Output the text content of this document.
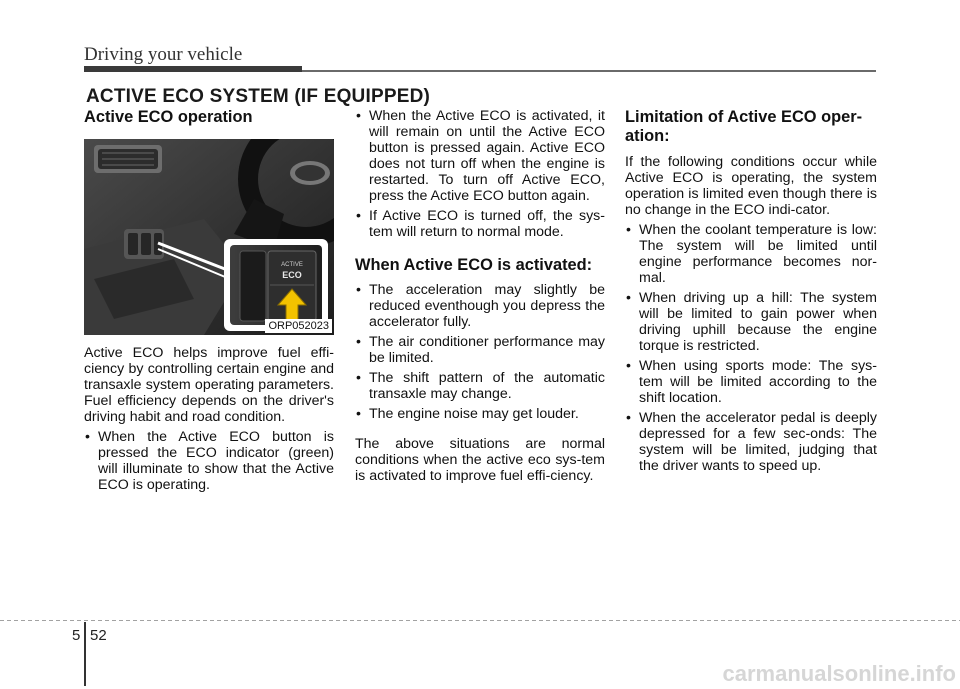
Driving your vehicle
ACTIVE ECO SYSTEM (IF EQUIPPED)
Active ECO operation
ACTIVE
ECO
ORP052023

Active ECO helps improve fuel effi-ciency by controlling certain engine and transaxle system operating parameters. Fuel efficiency depends on the driver's driving habit and road condition.

• When the Active ECO button is pressed the ECO indicator (green) will illuminate to show that the Active ECO is operating.
• When the Active ECO is activated, it will remain on until the Active ECO button is pressed again. Active ECO does not turn off when the engine is restarted. To turn off Active ECO, press the Active ECO button again.
• If Active ECO is turned off, the sys-tem will return to normal mode.
When Active ECO is activated:
• The acceleration may slightly be reduced eventhough you depress the accelerator fully.
• The air conditioner performance may be limited.
• The shift pattern of the automatic transaxle may change.
• The engine noise may get louder.

The above situations are normal conditions when the active eco sys-tem is activated to improve fuel effi-ciency.

Limitation of Active ECO oper-ation:

If the following conditions occur while Active ECO is operating, the system operation is limited even though there is no change in the ECO indi-cator.

• When the coolant temperature is low: The system will be limited until engine performance becomes nor-mal.
• When driving up a hill: The system will be limited to gain power when driving uphill because the engine torque is restricted.
• When using sports mode: The sys-tem will be limited according to the shift location.
• When the accelerator pedal is deeply depressed for a few sec-onds: The system will be limited, judging that the driver wants to speed up.
5 52
carmanualsonline.info
